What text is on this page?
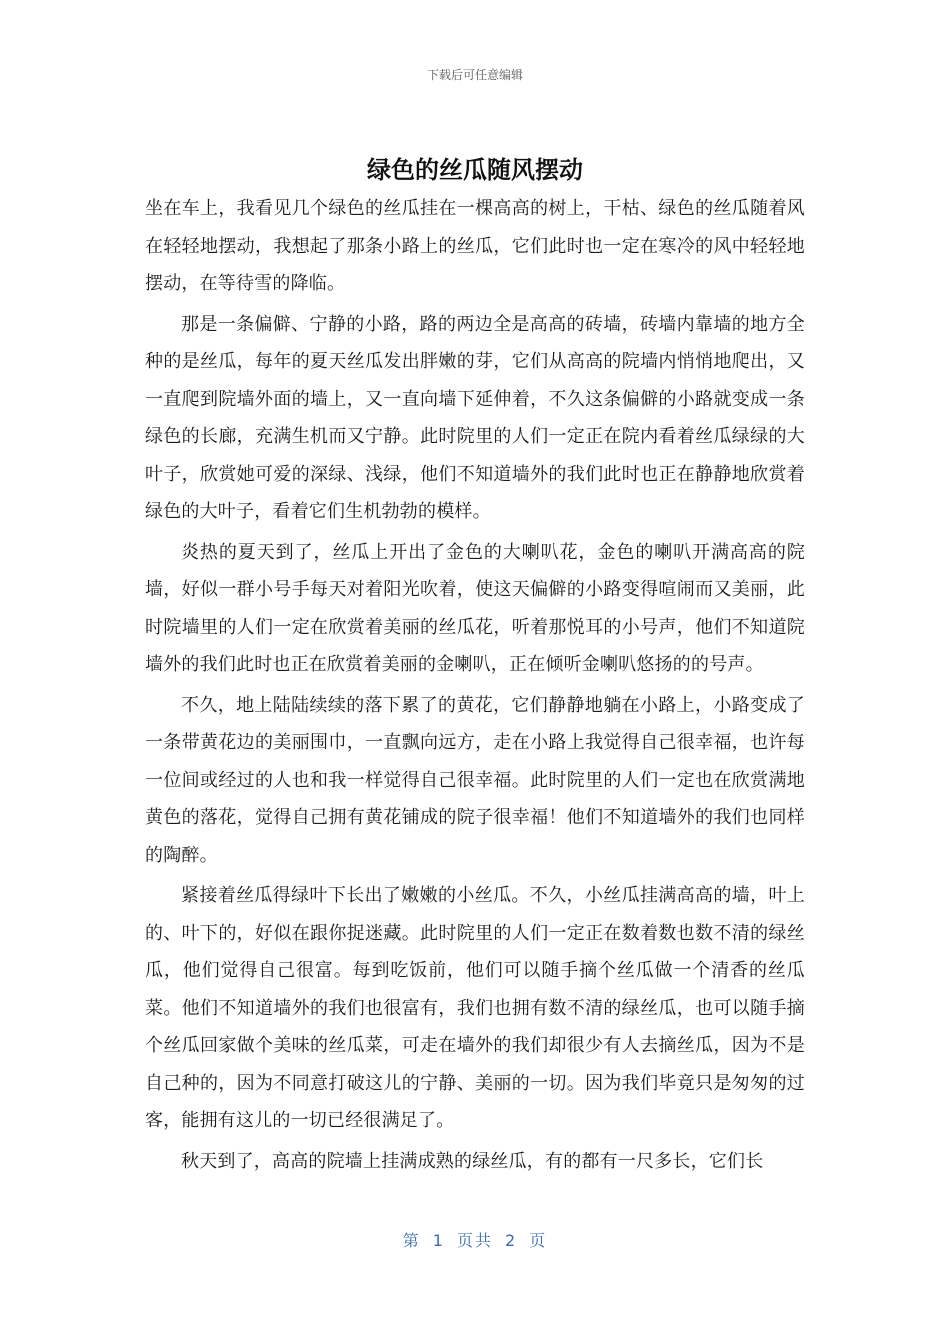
下载后可任意编辑
绿色的丝瓜随风摆动

坐在车上，我看见几个绿色的丝瓜挂在一棵高高的树上，干枯、绿色的丝瓜随着风在轻轻地摆动，我想起了那条小路上的丝瓜，它们此时也一定在寒冷的风中轻轻地摆动，在等待雪的降临。

那是一条偏僻、宁静的小路，路的两边全是高高的砖墙，砖墙内靠墙的地方全种的是丝瓜，每年的夏天丝瓜发出胖嫩的芽，它们从高高的院墙内悄悄地爬出，又一直爬到院墙外面的墙上，又一直向墙下延伸着，不久这条偏僻的小路就变成一条绿色的长廊，充满生机而又宁静。此时院里的人们一定正在院内看着丝瓜绿绿的大叶子，欣赏她可爱的深绿、浅绿，他们不知道墙外的我们此时也正在静静地欣赏着绿色的大叶子，看着它们生机勃勃的模样。

炎热的夏天到了，丝瓜上开出了金色的大喇叭花，金色的喇叭开满高高的院墙，好似一群小号手每天对着阳光吹着，使这天偏僻的小路变得喧闹而又美丽，此时院墙里的人们一定在欣赏着美丽的丝瓜花，听着那悦耳的小号声，他们不知道院墙外的我们此时也正在欣赏着美丽的金喇叭，正在倾听金喇叭悠扬的的号声。

不久，地上陆陆续续的落下累了的黄花，它们静静地躺在小路上，小路变成了一条带黄花边的美丽围巾，一直飘向远方，走在小路上我觉得自己很幸福，也许每一位间或经过的人也和我一样觉得自己很幸福。此时院里的人们一定也在欣赏满地黄色的落花，觉得自己拥有黄花铺成的院子很幸福！他们不知道墙外的我们也同样的陶醉。

紧接着丝瓜得绿叶下长出了嫩嫩的小丝瓜。不久，小丝瓜挂满高高的墙，叶上的、叶下的，好似在跟你捉迷藏。此时院里的人们一定正在数着数也数不清的绿丝瓜，他们觉得自己很富。每到吃饭前，他们可以随手摘个丝瓜做一个清香的丝瓜菜。他们不知道墙外的我们也很富有，我们也拥有数不清的绿丝瓜，也可以随手摘个丝瓜回家做个美味的丝瓜菜，可走在墙外的我们却很少有人去摘丝瓜，因为不是自己种的，因为不同意打破这儿的宁静、美丽的一切。因为我们毕竟只是匆匆的过客，能拥有这儿的一切已经很满足了。

秋天到了，高高的院墙上挂满成熟的绿丝瓜，有的都有一尺多长，它们长

第 1 页共 2 页
